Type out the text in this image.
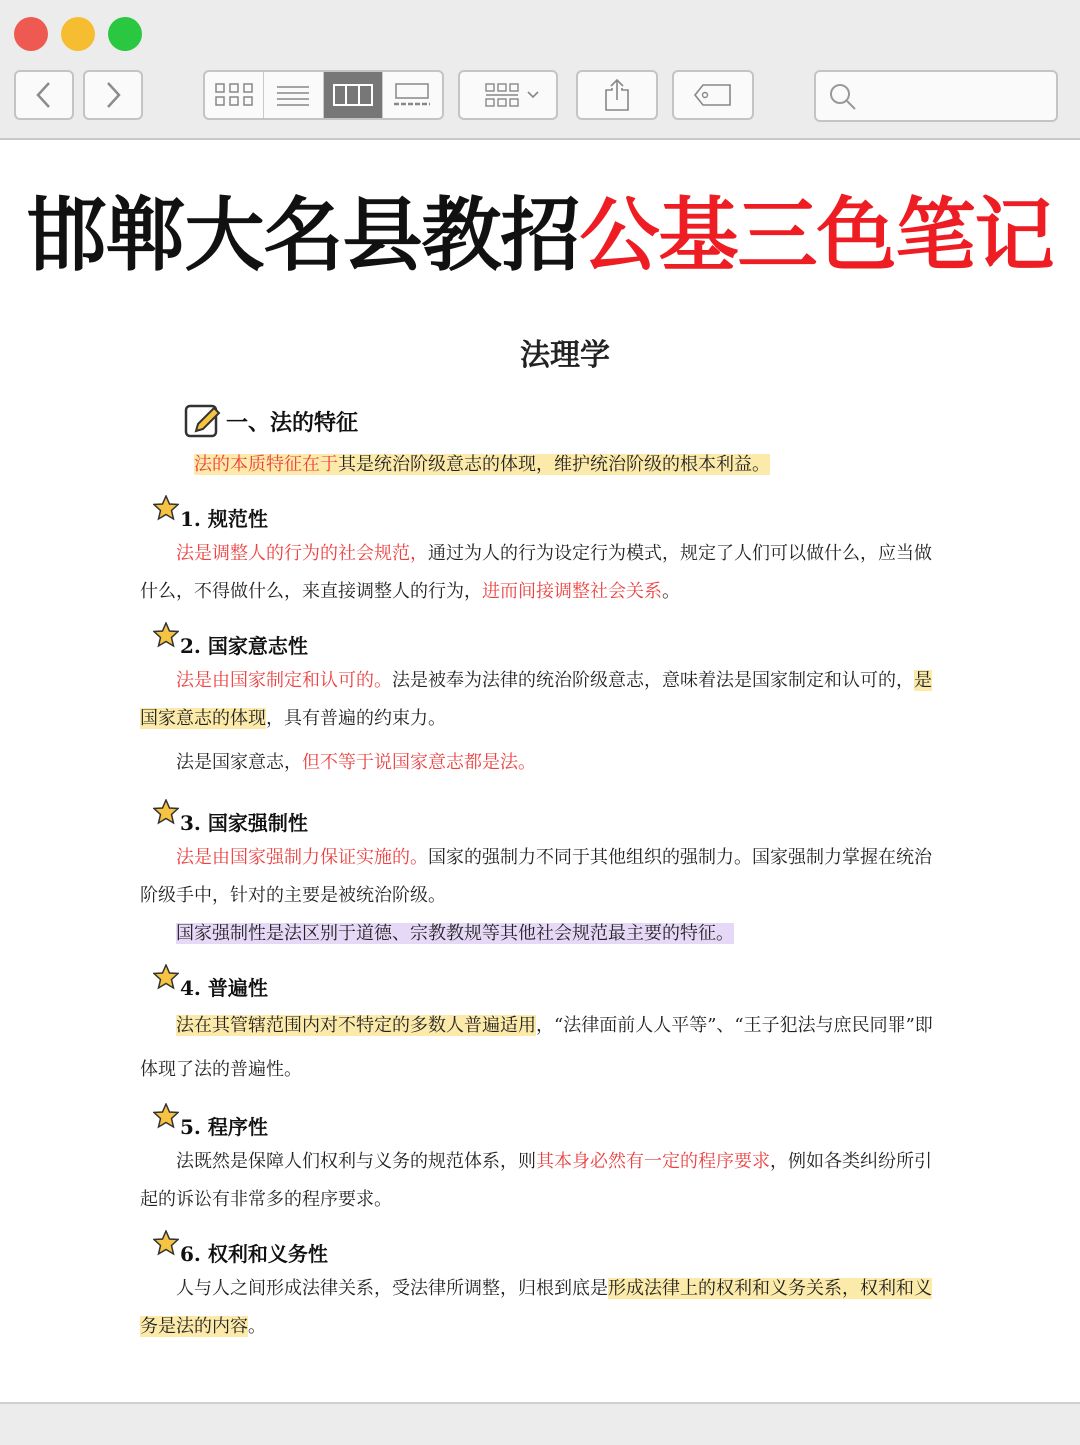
邯郸大名县教招公基三色笔记
法理学
一、法的特征
法的本质特征在于其是统治阶级意志的体现，维护统治阶级的根本利益。
1. 规范性
法是调整人的行为的社会规范，通过为人的行为设定行为模式，规定了人们可以做什么，应当做什么，不得做什么，来直接调整人的行为，进而间接调整社会关系。
2. 国家意志性
法是由国家制定和认可的。法是被奉为法律的统治阶级意志，意味着法是国家制定和认可的，是国家意志的体现，具有普遍的约束力。
法是国家意志，但不等于说国家意志都是法。
3. 国家强制性
法是由国家强制力保证实施的。国家的强制力不同于其他组织的强制力。国家强制力掌握在统治阶级手中，针对的主要是被统治阶级。
国家强制性是法区别于道德、宗教教规等其他社会规范最主要的特征。
4. 普遍性
法在其管辖范围内对不特定的多数人普遍适用，“法律面前人人平等”、“王子犯法与庶民同罪”即体现了法的普遍性。
5. 程序性
法既然是保障人们权利与义务的规范体系，则其本身必然有一定的程序要求，例如各类纠纷所引起的诉讼有非常多的程序要求。
6. 权利和义务性
人与人之间形成法律关系，受法律所调整，归根到底是形成法律上的权利和义务关系，权利和义务是法的内容。
